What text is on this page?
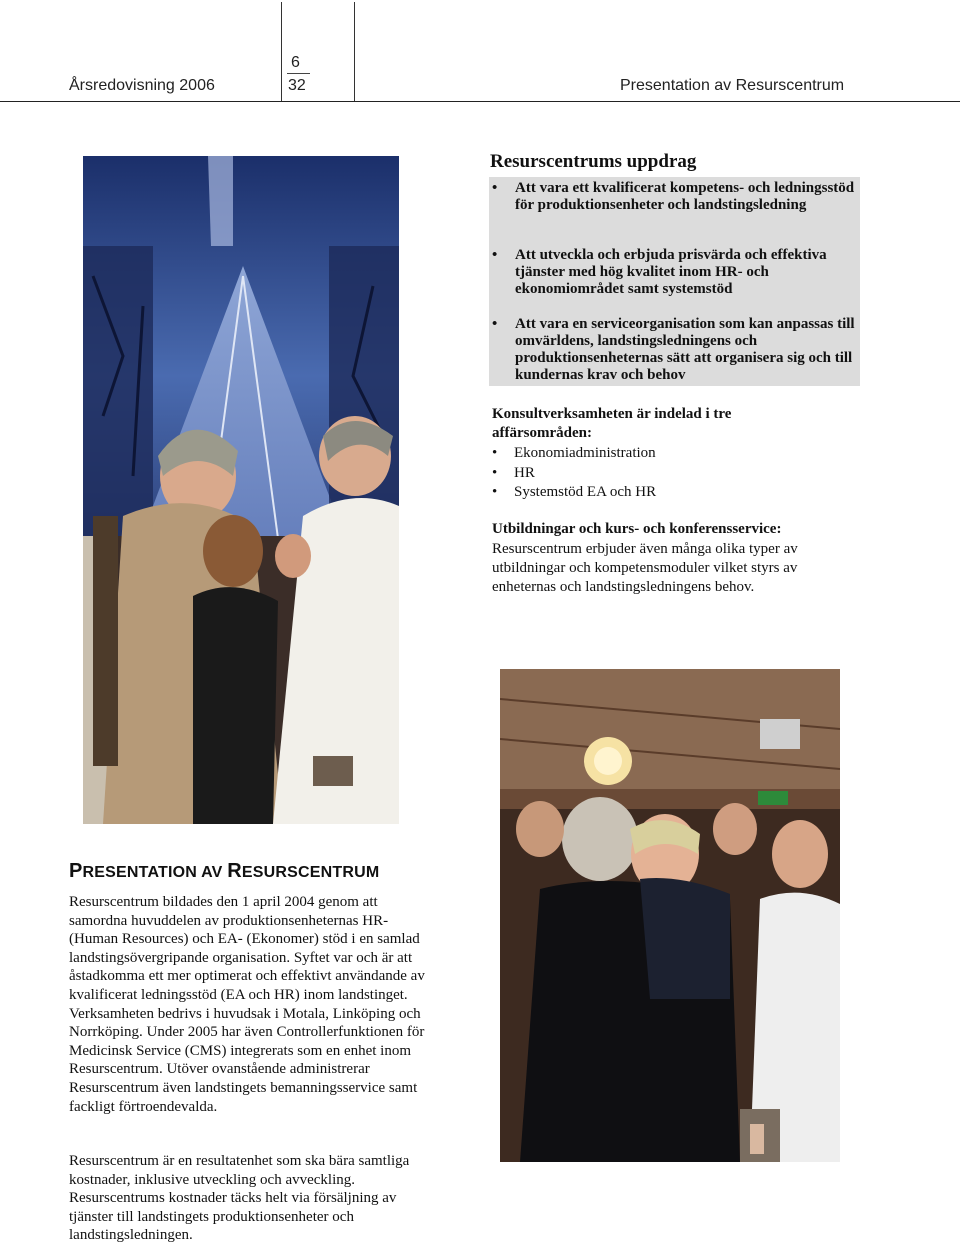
Årsredovisning 2006
6
32	Presentation av Resurscentrum
Resurscentrums uppdrag
• Att vara ett kvalificerat kompetens- och ledningsstöd för produktionsenheter och landstingsledning
• Att utveckla och erbjuda prisvärda och effektiva tjänster med hög kvalitet inom HR- och ekonomiområdet samt systemstöd
• Att vara en serviceorganisation som kan anpassas till omvärldens, landstingsledningens och produktionsenheternas sätt att organisera sig och till kundernas krav och behov
Konsultverksamheten är indelad i tre affärsområden:
• Ekonomiadministration
• HR
• Systemstöd EA och HR
Utbildningar och kurs- och konferensservice:
Resurscentrum erbjuder även många olika typer av utbildningar och kompetensmoduler vilket styrs av enheternas och landstingsledningens behov.
PRESENTATION AV RESURSCENTRUM
Resurscentrum bildades den 1 april 2004 genom att samordna huvuddelen av produktionsenheternas HR- (Human Resources) och EA- (Ekonomer) stöd i en samlad landstingsövergripande organisation. Syftet var och är att åstadkomma ett mer optimerat och effektivt användande av kvalificerat ledningsstöd (EA och HR) inom landstinget. Verksamheten bedrivs i huvudsak i Motala, Linköping och Norrköping. Under 2005 har även Controllerfunktionen för Medicinsk Service (CMS) integrerats som en enhet inom Resurscentrum. Utöver ovanstående administrerar Resurscentrum även landstingets bemanningsservice samt fackligt förtroendevalda.
Resurscentrum är en resultatenhet som ska bära samtliga kostnader, inklusive utveckling och avveckling. Resurscentrums kostnader täcks helt via försäljning av tjänster till landstingets produktionsenheter och landstingsledningen.
